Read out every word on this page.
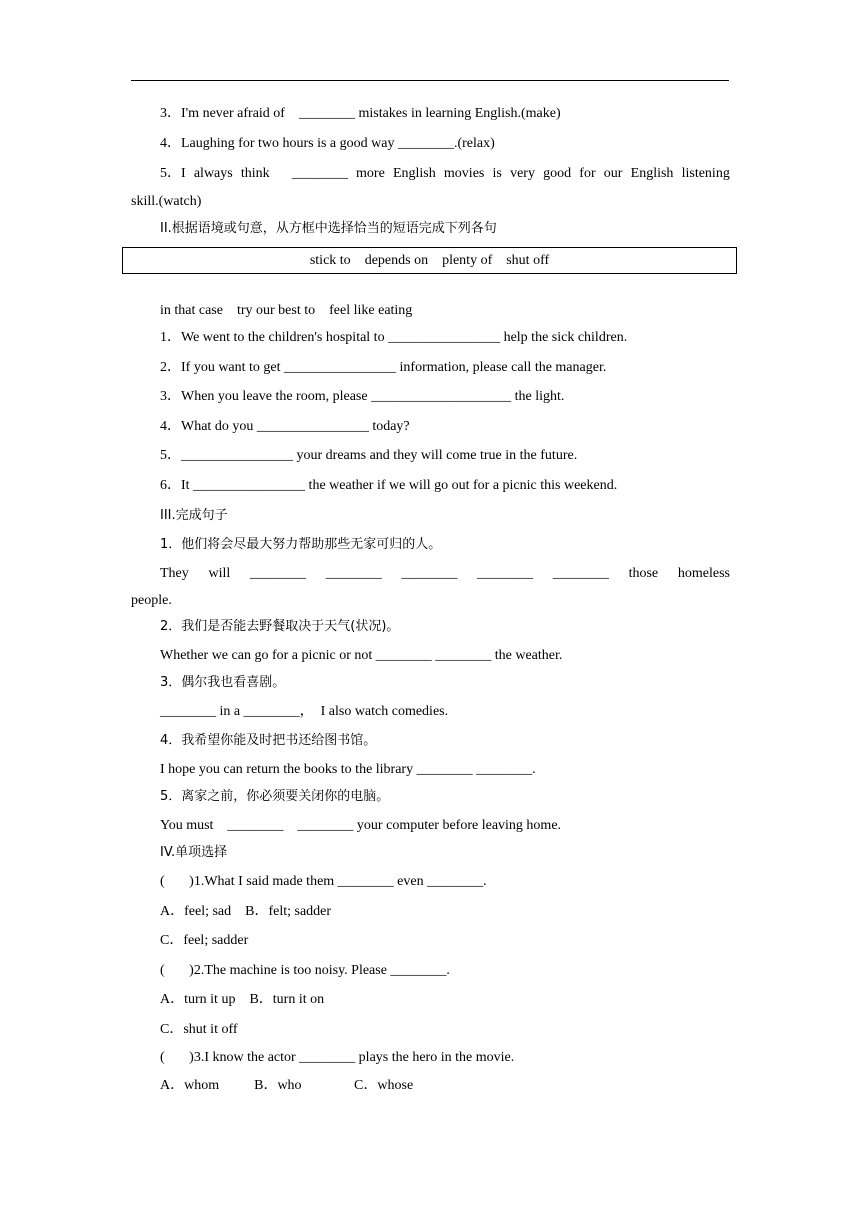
3．I'm never afraid of    ________ mistakes in learning English.(make)
4．Laughing for two hours is a good way ________.(relax)
5．I always think ________ more English movies is very good for our English listening
skill.(watch)
II.根据语境或句意，从方框中选择恰当的短语完成下列各句
stick to depends on plenty of shut off
in that case    try our best to    feel like eating
1．We went to the children's hospital to ________________ help the sick children.
2．If you want to get ________________ information, please call the manager.
3．When you leave the room, please ____________________ the light.
4．What do you ________________ today?
5．________________ your dreams and they will come true in the future.
6．It ________________ the weather if we will go out for a picnic this weekend.
III.完成句子
1．他们将会尽最大努力帮助那些无家可归的人。
They will ________ ________ ________ ________ ________ those homeless
people.
2．我们是否能去野餐取决于天气(状况)。
Whether we can go for a picnic or not ________ ________ the weather.
3．偶尔我也看喜剧。
________ in a ________，  I also watch comedies.
4．我希望你能及时把书还给图书馆。
I hope you can return the books to the library ________ ________.
5．离家之前，你必须要关闭你的电脑。
You must    ________    ________ your computer before leaving home.
IV.单项选择
(       )1.What I said made them ________ even ________.
A．feel; sad    B．felt; sadder
C．feel; sadder
(       )2.The machine is too noisy. Please ________.
A．turn it up    B．turn it on
C．shut it off
(       )3.I know the actor ________ plays the hero in the movie.
A．whom          B．who               C．whose
